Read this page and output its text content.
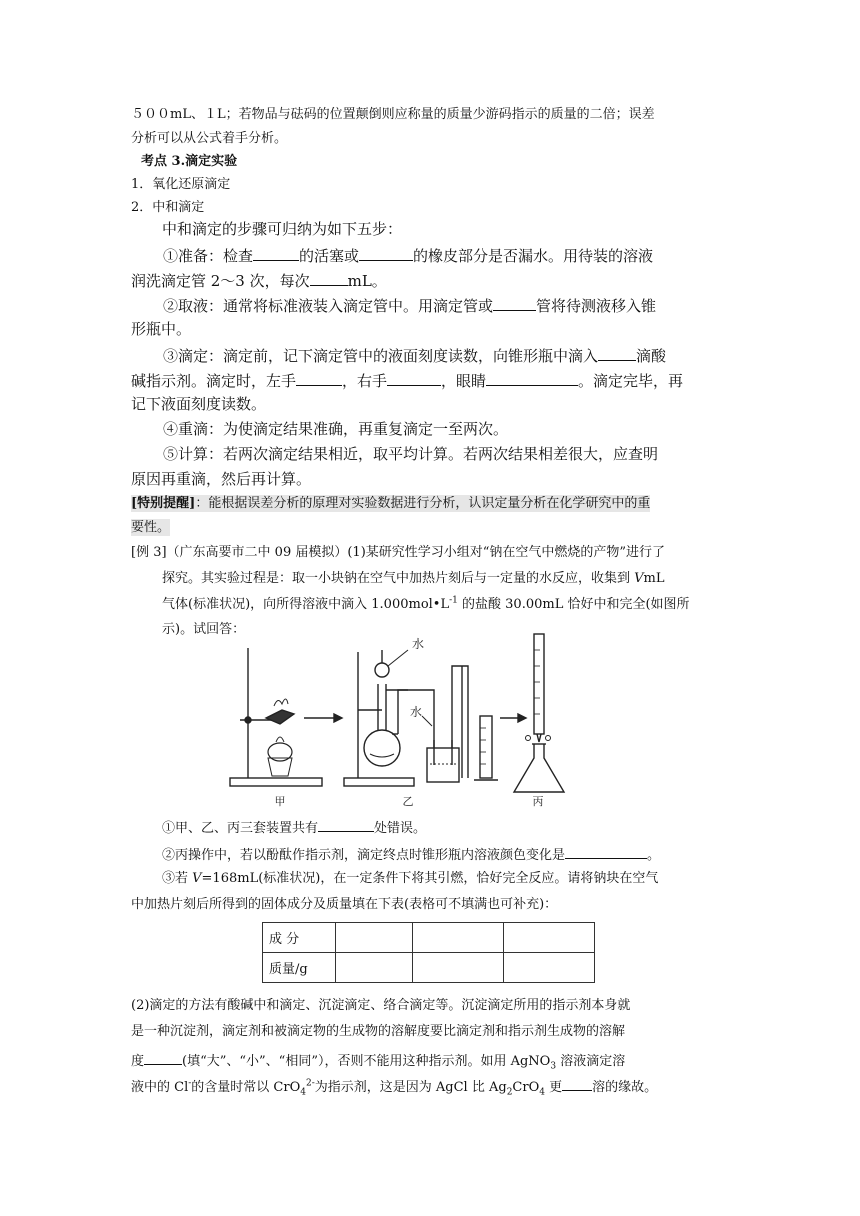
５００mL、１L；若物品与砝码的位置颠倒则应称量的质量少游码指示的质量的二倍；误差
分析可以从公式着手分析。
考点 3.滴定实验
1．氧化还原滴定
2．中和滴定
中和滴定的步骤可归纳为如下五步：
①准备：检查	的活塞或	的橡皮部分是否漏水。用待装的溶液
润洗滴定管 2～3 次，每次	mL。
②取液：通常将标准液装入滴定管中。用滴定管或	管将待测液移入锥
形瓶中。
③滴定：滴定前，记下滴定管中的液面刻度读数，向锥形瓶中滴入	滴酸
碱指示剂。滴定时，左手	，右手	，眼睛	。滴定完毕，再
记下液面刻度读数。
④重滴：为使滴定结果准确，再重复滴定一至两次。
⑤计算：若两次滴定结果相近，取平均计算。若两次结果相差很大，应查明
原因再重滴，然后再计算。
[特别提醒]：能根据误差分析的原理对实验数据进行分析，认识定量分析在化学研究中的重
要性。
[例 3]（广东高要市二中 09 届模拟）(1)某研究性学习小组对“钠在空气中燃烧的产物”进行了
探究。其实验过程是：取一小块钠在空气中加热片刻后与一定量的水反应，收集到 VmL
气体(标准状况)，向所得溶液中滴入 $1.000mol•L^{-1}$ 的盐酸 30.00mL 恰好中和完全(如图所
示)。试回答：
水
水
甲	乙	丙
①甲、乙、丙三套装置共有	处错误。
②丙操作中，若以酚酞作指示剂，滴定终点时锥形瓶内溶液颜色变化是	。
③若 V=168mL(标准状况)，在一定条件下将其引燃，恰好完全反应。请将钠块在空气
中加热片刻后所得到的固体成分及质量填在下表(表格可不填满也可补充)：
成 分			
质量/g			
(2)滴定的方法有酸碱中和滴定、沉淀滴定、络合滴定等。沉淀滴定所用的指示剂本身就
是一种沉淀剂，滴定剂和被滴定物的生成物的溶解度要比滴定剂和指示剂生成物的溶解
度	(填“大”、“小”、“相同”），否则不能用这种指示剂。如用 AgNO$_3$ 溶液滴定溶
液中的 Cl-的含量时常以 CrO$_4^{2-}$为指示剂，这是因为 AgCl 比 $Ag_2CrO_4$ 更 溶的缘故。
